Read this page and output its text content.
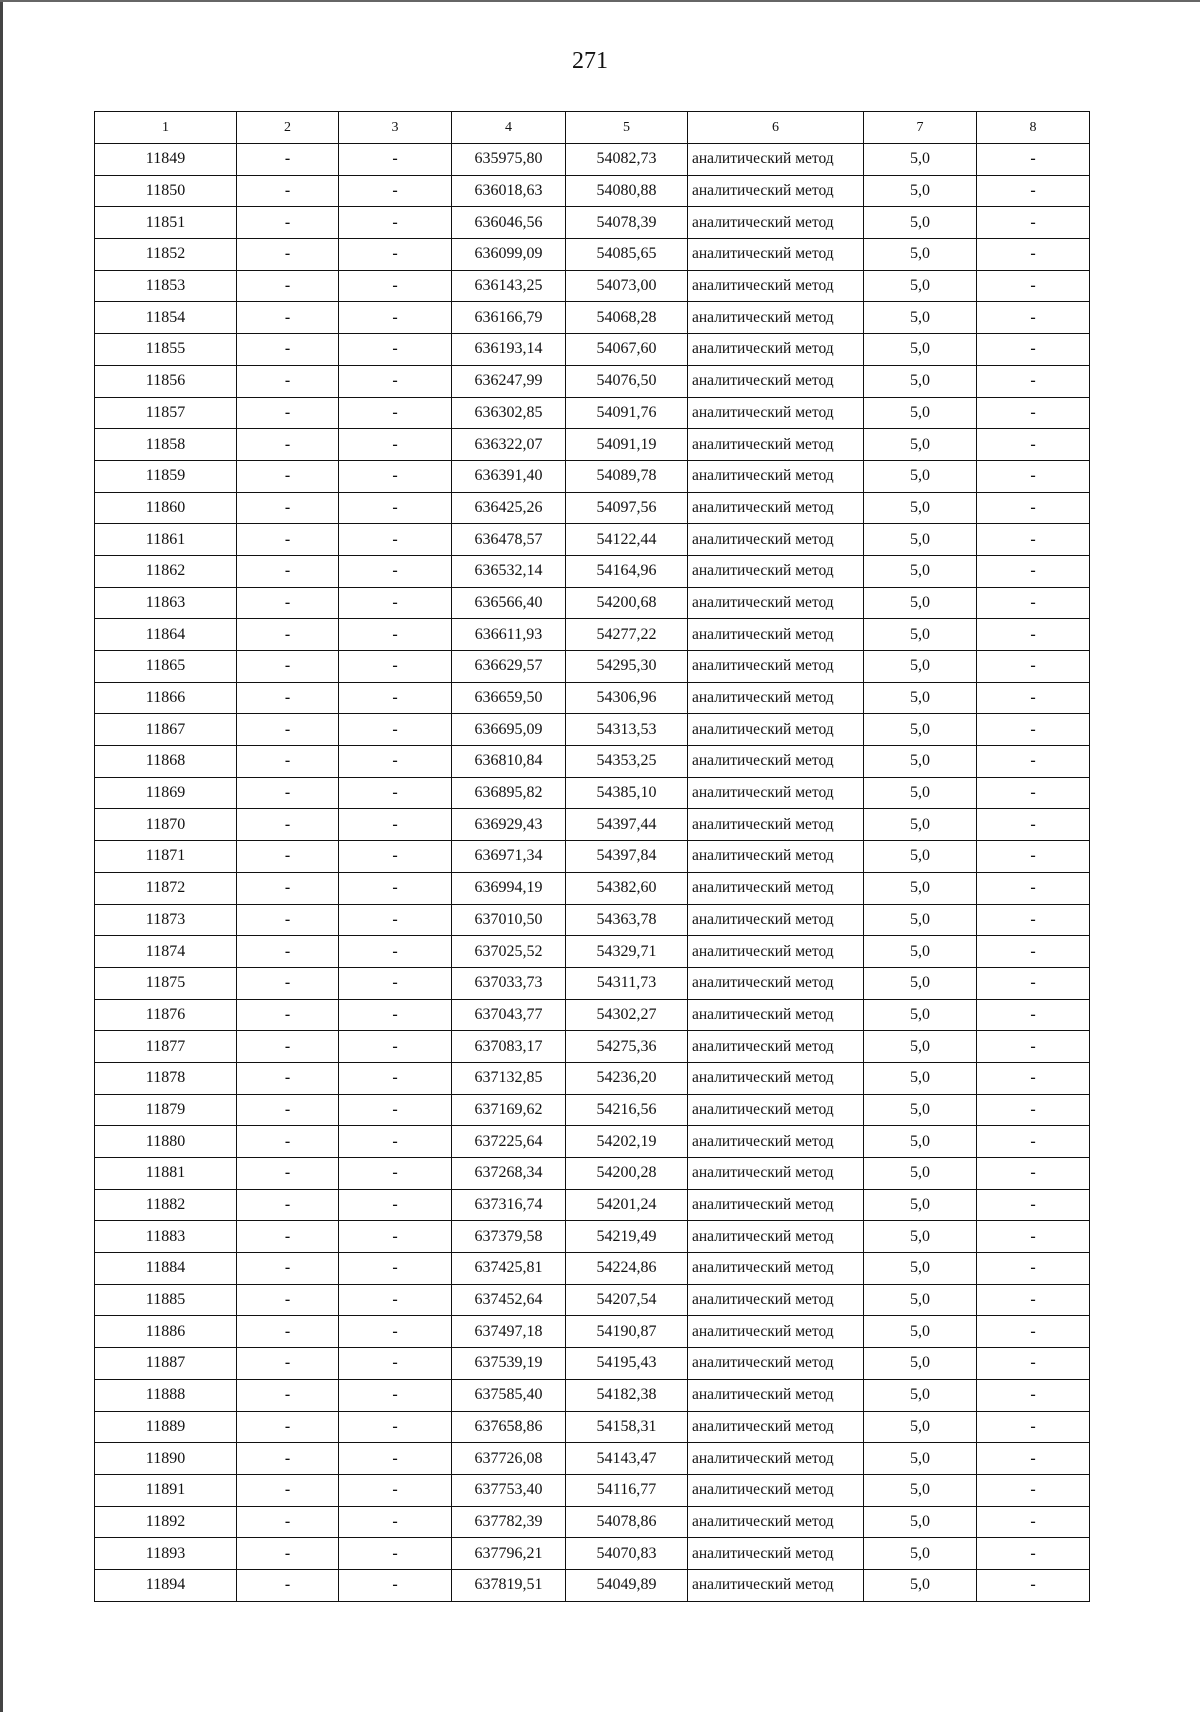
271
1	2	3	4	5	6	7	8
11849	-	-	635975,80	54082,73	аналитический метод	5,0	-
11850	-	-	636018,63	54080,88	аналитический метод	5,0	-
11851	-	-	636046,56	54078,39	аналитический метод	5,0	-
11852	-	-	636099,09	54085,65	аналитический метод	5,0	-
11853	-	-	636143,25	54073,00	аналитический метод	5,0	-
11854	-	-	636166,79	54068,28	аналитический метод	5,0	-
11855	-	-	636193,14	54067,60	аналитический метод	5,0	-
11856	-	-	636247,99	54076,50	аналитический метод	5,0	-
11857	-	-	636302,85	54091,76	аналитический метод	5,0	-
11858	-	-	636322,07	54091,19	аналитический метод	5,0	-
11859	-	-	636391,40	54089,78	аналитический метод	5,0	-
11860	-	-	636425,26	54097,56	аналитический метод	5,0	-
11861	-	-	636478,57	54122,44	аналитический метод	5,0	-
11862	-	-	636532,14	54164,96	аналитический метод	5,0	-
11863	-	-	636566,40	54200,68	аналитический метод	5,0	-
11864	-	-	636611,93	54277,22	аналитический метод	5,0	-
11865	-	-	636629,57	54295,30	аналитический метод	5,0	-
11866	-	-	636659,50	54306,96	аналитический метод	5,0	-
11867	-	-	636695,09	54313,53	аналитический метод	5,0	-
11868	-	-	636810,84	54353,25	аналитический метод	5,0	-
11869	-	-	636895,82	54385,10	аналитический метод	5,0	-
11870	-	-	636929,43	54397,44	аналитический метод	5,0	-
11871	-	-	636971,34	54397,84	аналитический метод	5,0	-
11872	-	-	636994,19	54382,60	аналитический метод	5,0	-
11873	-	-	637010,50	54363,78	аналитический метод	5,0	-
11874	-	-	637025,52	54329,71	аналитический метод	5,0	-
11875	-	-	637033,73	54311,73	аналитический метод	5,0	-
11876	-	-	637043,77	54302,27	аналитический метод	5,0	-
11877	-	-	637083,17	54275,36	аналитический метод	5,0	-
11878	-	-	637132,85	54236,20	аналитический метод	5,0	-
11879	-	-	637169,62	54216,56	аналитический метод	5,0	-
11880	-	-	637225,64	54202,19	аналитический метод	5,0	-
11881	-	-	637268,34	54200,28	аналитический метод	5,0	-
11882	-	-	637316,74	54201,24	аналитический метод	5,0	-
11883	-	-	637379,58	54219,49	аналитический метод	5,0	-
11884	-	-	637425,81	54224,86	аналитический метод	5,0	-
11885	-	-	637452,64	54207,54	аналитический метод	5,0	-
11886	-	-	637497,18	54190,87	аналитический метод	5,0	-
11887	-	-	637539,19	54195,43	аналитический метод	5,0	-
11888	-	-	637585,40	54182,38	аналитический метод	5,0	-
11889	-	-	637658,86	54158,31	аналитический метод	5,0	-
11890	-	-	637726,08	54143,47	аналитический метод	5,0	-
11891	-	-	637753,40	54116,77	аналитический метод	5,0	-
11892	-	-	637782,39	54078,86	аналитический метод	5,0	-
11893	-	-	637796,21	54070,83	аналитический метод	5,0	-
11894	-	-	637819,51	54049,89	аналитический метод	5,0	-
